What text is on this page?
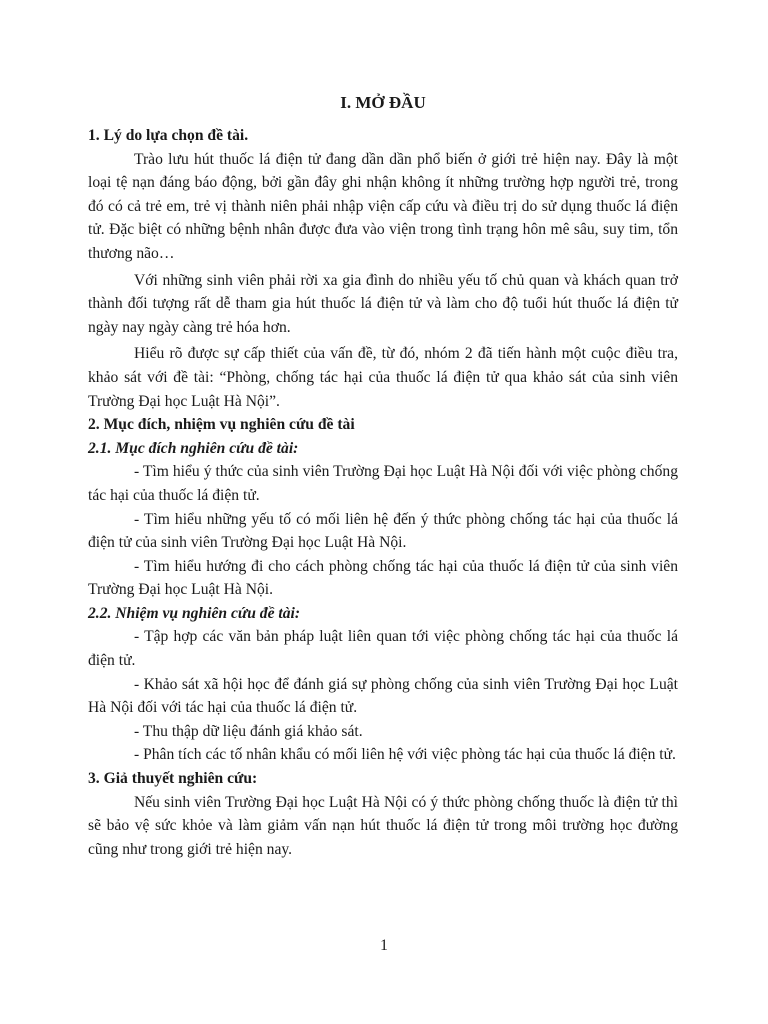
I. MỞ ĐẦU
1. Lý do lựa chọn đề tài.
Trào lưu hút thuốc lá điện tử đang dần dần phổ biến ở giới trẻ hiện nay. Đây là một loại tệ nạn đáng báo động, bởi gần đây ghi nhận không ít những trường hợp người trẻ, trong đó có cả trẻ em, trẻ vị thành niên phải nhập viện cấp cứu và điều trị do sử dụng thuốc lá điện tử. Đặc biệt có những bệnh nhân được đưa vào viện trong tình trạng hôn mê sâu, suy tim, tổn thương não…
Với những sinh viên phải rời xa gia đình do nhiều yếu tố chủ quan và khách quan trở thành đối tượng rất dễ tham gia hút thuốc lá điện tử và làm cho độ tuổi hút thuốc lá điện tử ngày nay ngày càng trẻ hóa hơn.
Hiểu rõ được sự cấp thiết của vấn đề, từ đó, nhóm 2 đã tiến hành một cuộc điều tra, khảo sát với đề tài: “Phòng, chống tác hại của thuốc lá điện tử qua khảo sát của sinh viên Trường Đại học Luật Hà Nội”.
2. Mục đích, nhiệm vụ nghiên cứu đề tài
2.1. Mục đích nghiên cứu đề tài:
- Tìm hiểu ý thức của sinh viên Trường Đại học Luật Hà Nội đối với việc phòng chống tác hại của thuốc lá điện tử.
- Tìm hiểu những yếu tố có mối liên hệ đến ý thức phòng chống tác hại của thuốc lá điện tử của sinh viên Trường Đại học Luật Hà Nội.
- Tìm hiểu hướng đi cho cách phòng chống tác hại của thuốc lá điện tử của sinh viên Trường Đại học Luật Hà Nội.
2.2. Nhiệm vụ nghiên cứu đề tài:
- Tập hợp các văn bản pháp luật liên quan tới việc phòng chống tác hại của thuốc lá điện tử.
- Khảo sát xã hội học để đánh giá sự phòng chống của sinh viên Trường Đại học Luật Hà Nội đối với tác hại của thuốc lá điện tử.
- Thu thập dữ liệu đánh giá khảo sát.
- Phân tích các tố nhân khẩu có mối liên hệ với việc phòng tác hại của thuốc lá điện tử.
3. Giả thuyết nghiên cứu:
Nếu sinh viên Trường Đại học Luật Hà Nội có ý thức phòng chống thuốc là điện tử thì sẽ bảo vệ sức khỏe và làm giảm vấn nạn hút thuốc lá điện tử trong môi trường học đường cũng như trong giới trẻ hiện nay.
1
